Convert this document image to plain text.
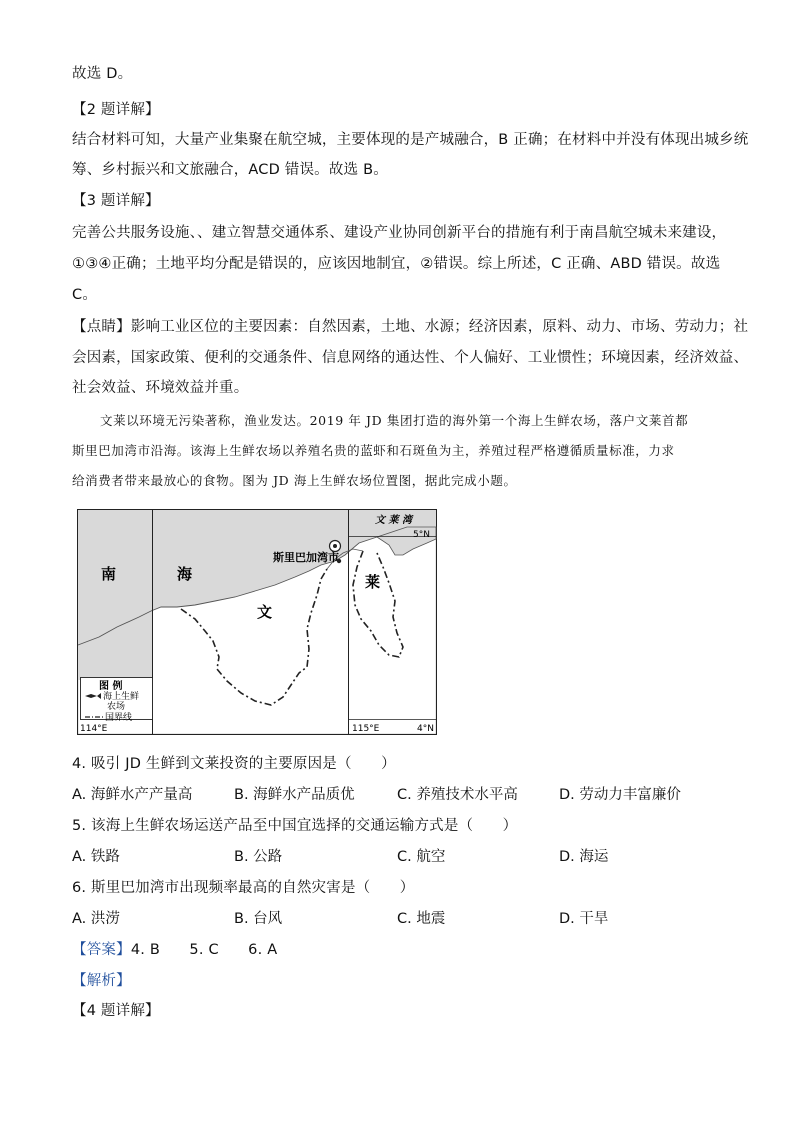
故选 D。
【2 题详解】
结合材料可知，大量产业集聚在航空城，主要体现的是产城融合，B 正确；在材料中并没有体现出城乡统
筹、乡村振兴和文旅融合，ACD 错误。故选 B。
【3 题详解】
完善公共服务设施、、建立智慧交通体系、建设产业协同创新平台的措施有利于南昌航空城未来建设，
①③④正确；土地平均分配是错误的，应该因地制宜，②错误。综上所述，C 正确、ABD 错误。故选
C。
【点睛】影响工业区位的主要因素：自然因素，土地、水源；经济因素，原料、动力、市场、劳动力；社
会因素，国家政策、便利的交通条件、信息网络的通达性、个人偏好、工业惯性；环境因素，经济效益、
社会效益、环境效益并重。
文莱以环境无污染著称，渔业发达。2019 年 JD 集团打造的海外第一个海上生鲜农场，落户文莱首都
斯里巴加湾市沿海。该海上生鲜农场以养殖名贵的蓝虾和石斑鱼为主，养殖过程严格遵循质量标准，力求
给消费者带来最放心的食物。图为 JD 海上生鲜农场位置图，据此完成小题。
文 莱 湾
5°N
斯里巴加湾市
南	海
文
莱
图 例
海上生鲜
农场
国界线
114°E	115°E	4°N
4. 吸引 JD 生鲜到文莱投资的主要原因是（　　）
A. 海鲜水产产量高	B. 海鲜水产品质优	C. 养殖技术水平高	D. 劳动力丰富廉价
5. 该海上生鲜农场运送产品至中国宜选择的交通运输方式是（　　）
A. 铁路	B. 公路	C. 航空	D. 海运
6. 斯里巴加湾市出现频率最高的自然灾害是（　　）
A. 洪涝	B. 台风	C. 地震	D. 干旱
【答案】4. B　　5. C　　6. A
【解析】
【4 题详解】
